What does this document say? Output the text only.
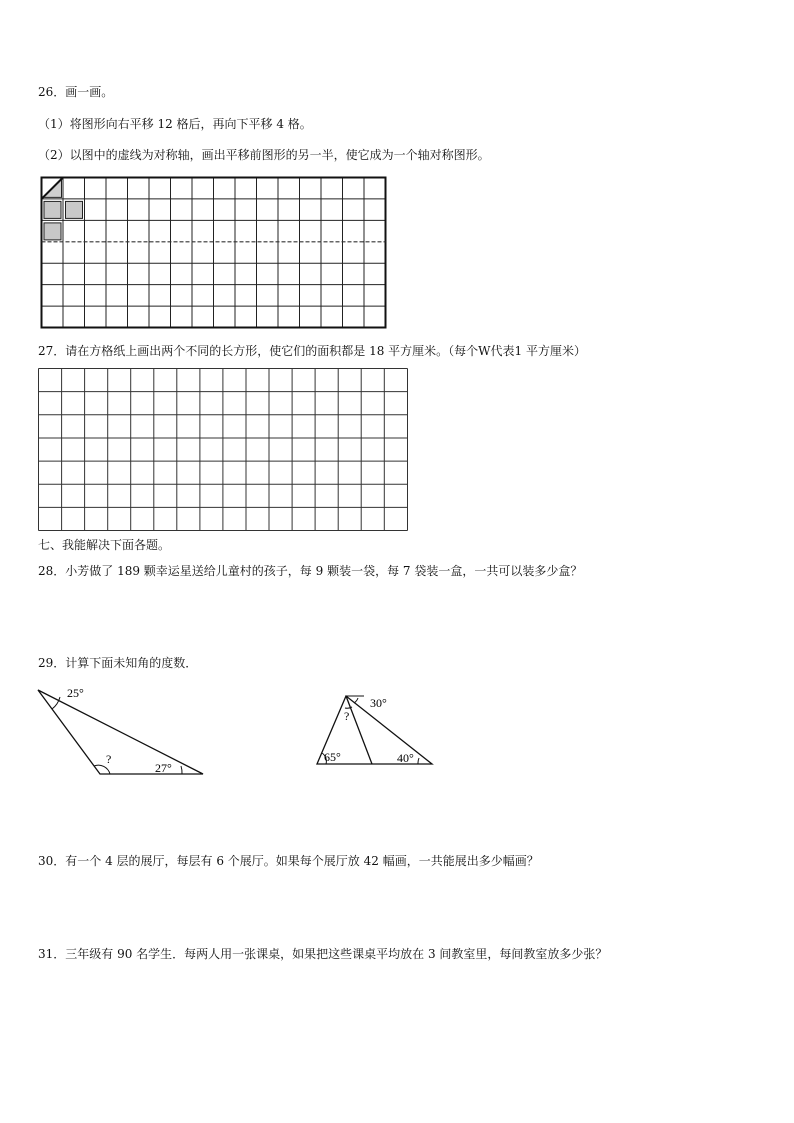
26．画一画。
（1）将图形向右平移 12 格后，再向下平移 4 格。
（2）以图中的虚线为对称轴，画出平移前图形的另一半，使它成为一个轴对称图形。
27．请在方格纸上画出两个不同的长方形，使它们的面积都是 18 平方厘米。（每个W代表1 平方厘米）
七、我能解决下面各题。
28．小芳做了 189 颗幸运星送给儿童村的孩子，每 9 颗装一袋，每 7 袋装一盒，一共可以装多少盒？
29．计算下面未知角的度数．
25°
?
27°
30°
?
65°	40°
30．有一个 4 层的展厅，每层有 6 个展厅。如果每个展厅放 42 幅画，一共能展出多少幅画？
31．三年级有 90 名学生．每两人用一张课桌，如果把这些课桌平均放在 3 间教室里，每间教室放多少张？
